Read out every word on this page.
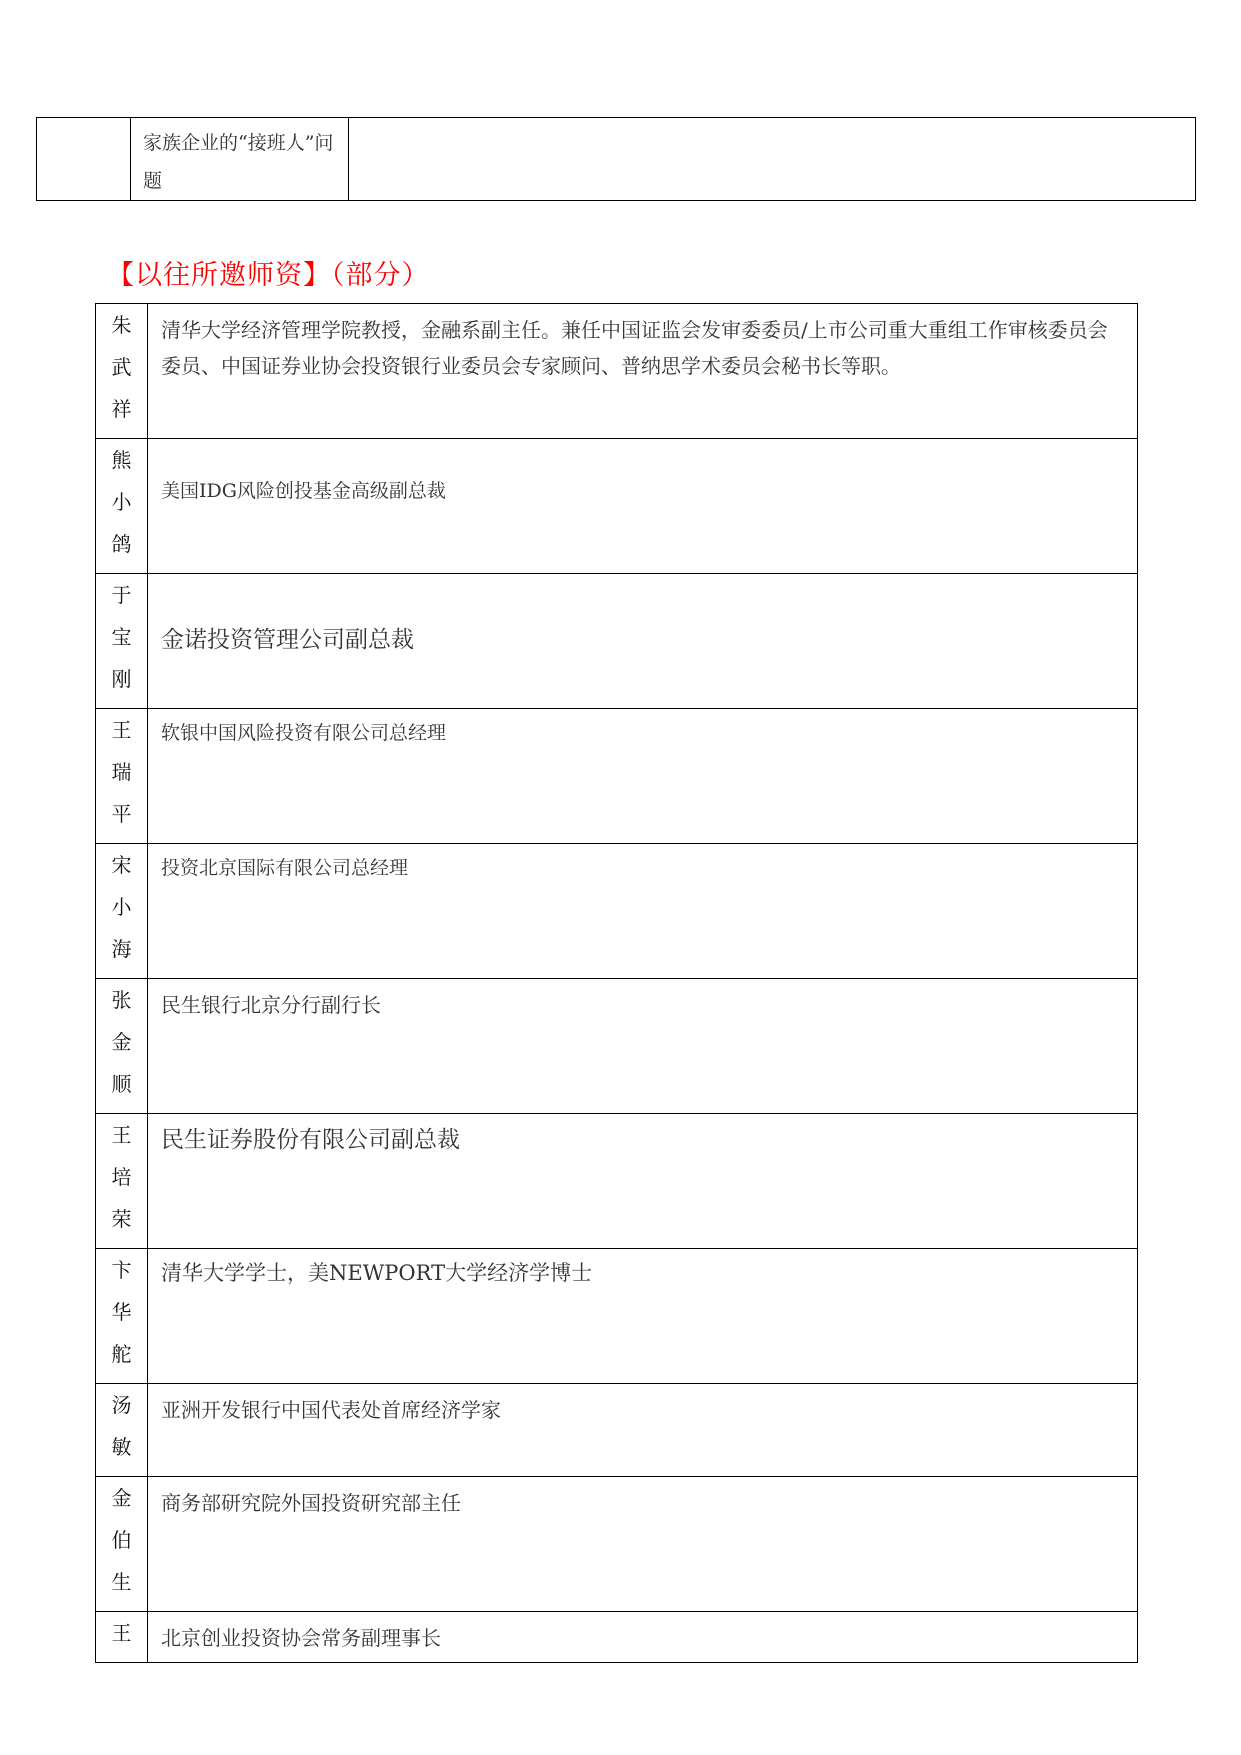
	家族企业的“接班人”问题	
【以往所邀师资】（部分）
朱
武
祥	清华大学经济管理学院教授，金融系副主任。兼任中国证监会发审委委员/上市公司重大重组工作审核委员会委员、中国证券业协会投资银行业委员会专家顾问、普纳思学术委员会秘书长等职。

熊
小
鸽	美国IDG风险创投基金高级副总裁

于
宝
刚	金诺投资管理公司副总裁

王
瑞
平	软银中国风险投资有限公司总经理

宋
小
海	投资北京国际有限公司总经理

张
金
顺	民生银行北京分行副行长

王
培
荣	民生证券股份有限公司副总裁

卞
华
舵	清华大学学士，美NEWPORT大学经济学博士

汤
敏	亚洲开发银行中国代表处首席经济学家

金
伯
生	商务部研究院外国投资研究部主任

王	北京创业投资协会常务副理事长
